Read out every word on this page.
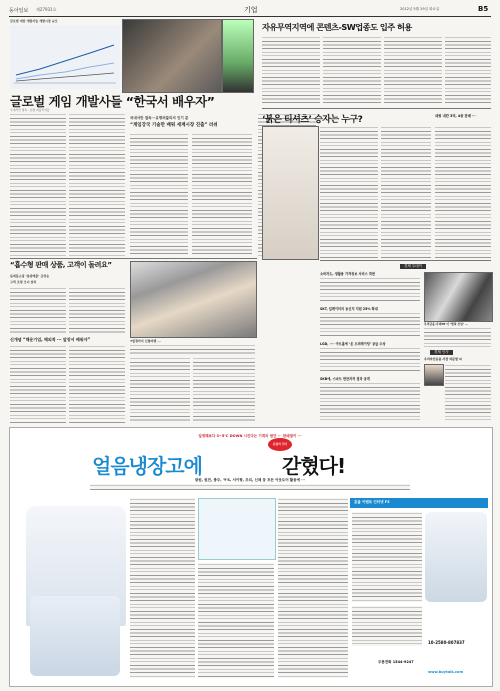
동아일보 제27931호	기업	2012년 5월 29일 화요일	B5
글로벌 게임 개발사들 개발시장 규모
글로벌 게임 개발사들 “한국서 배우자”
국내서만 접속···유명 퍼블리셔들
국내서만 접속···유명퍼블리셔 인기 분
“게임강국 기술만 배워 세계시장 진출” 러쉬
“흡수형 판매 상품, 고객이 돌려요”
롯데홈쇼핑 ‘총판매출’ 급상승
고객 호평 코너 설치
신개념 “해운기업, 해외적 ··· 앞장서 배워야”	7월경까지 신형비행 ···
자유무역지역에 콘텐츠-SW업종도 입주 허용
‘붉은 티셔츠’ 승자는 누구?	대형 내란 3억, 4종 판매 ···
경제 투데이
소비자도, 생활용 가격정보 서비스 개편
SKT, 킬레이터의 동신지 지원 25% 확대
LGD, ···· 아트홀에 ‘온 오퍼레이팅’ 공급 수상
SKB에, 스마트 반찬자격 결과 공개
우리금융-우리PE 이 ‘협력 신임’ ···
경제 인사
우리자산운용 사장 차문현 씨
일정때보다 3~5℃ DOWN 시킨다는 기적의 원단 ··· 판매점이 ···
유럽의 인기
얼음냉장고에	갇혔다!
광원, 원전, 충주, 'Y'S, 서이형, 조리, 신채 등 모든 아웃도어 활동에 ···
효율 이벤트 인터넷 F3
10-2580-807837
주문전화 1544-9247
www.buytalk.com
